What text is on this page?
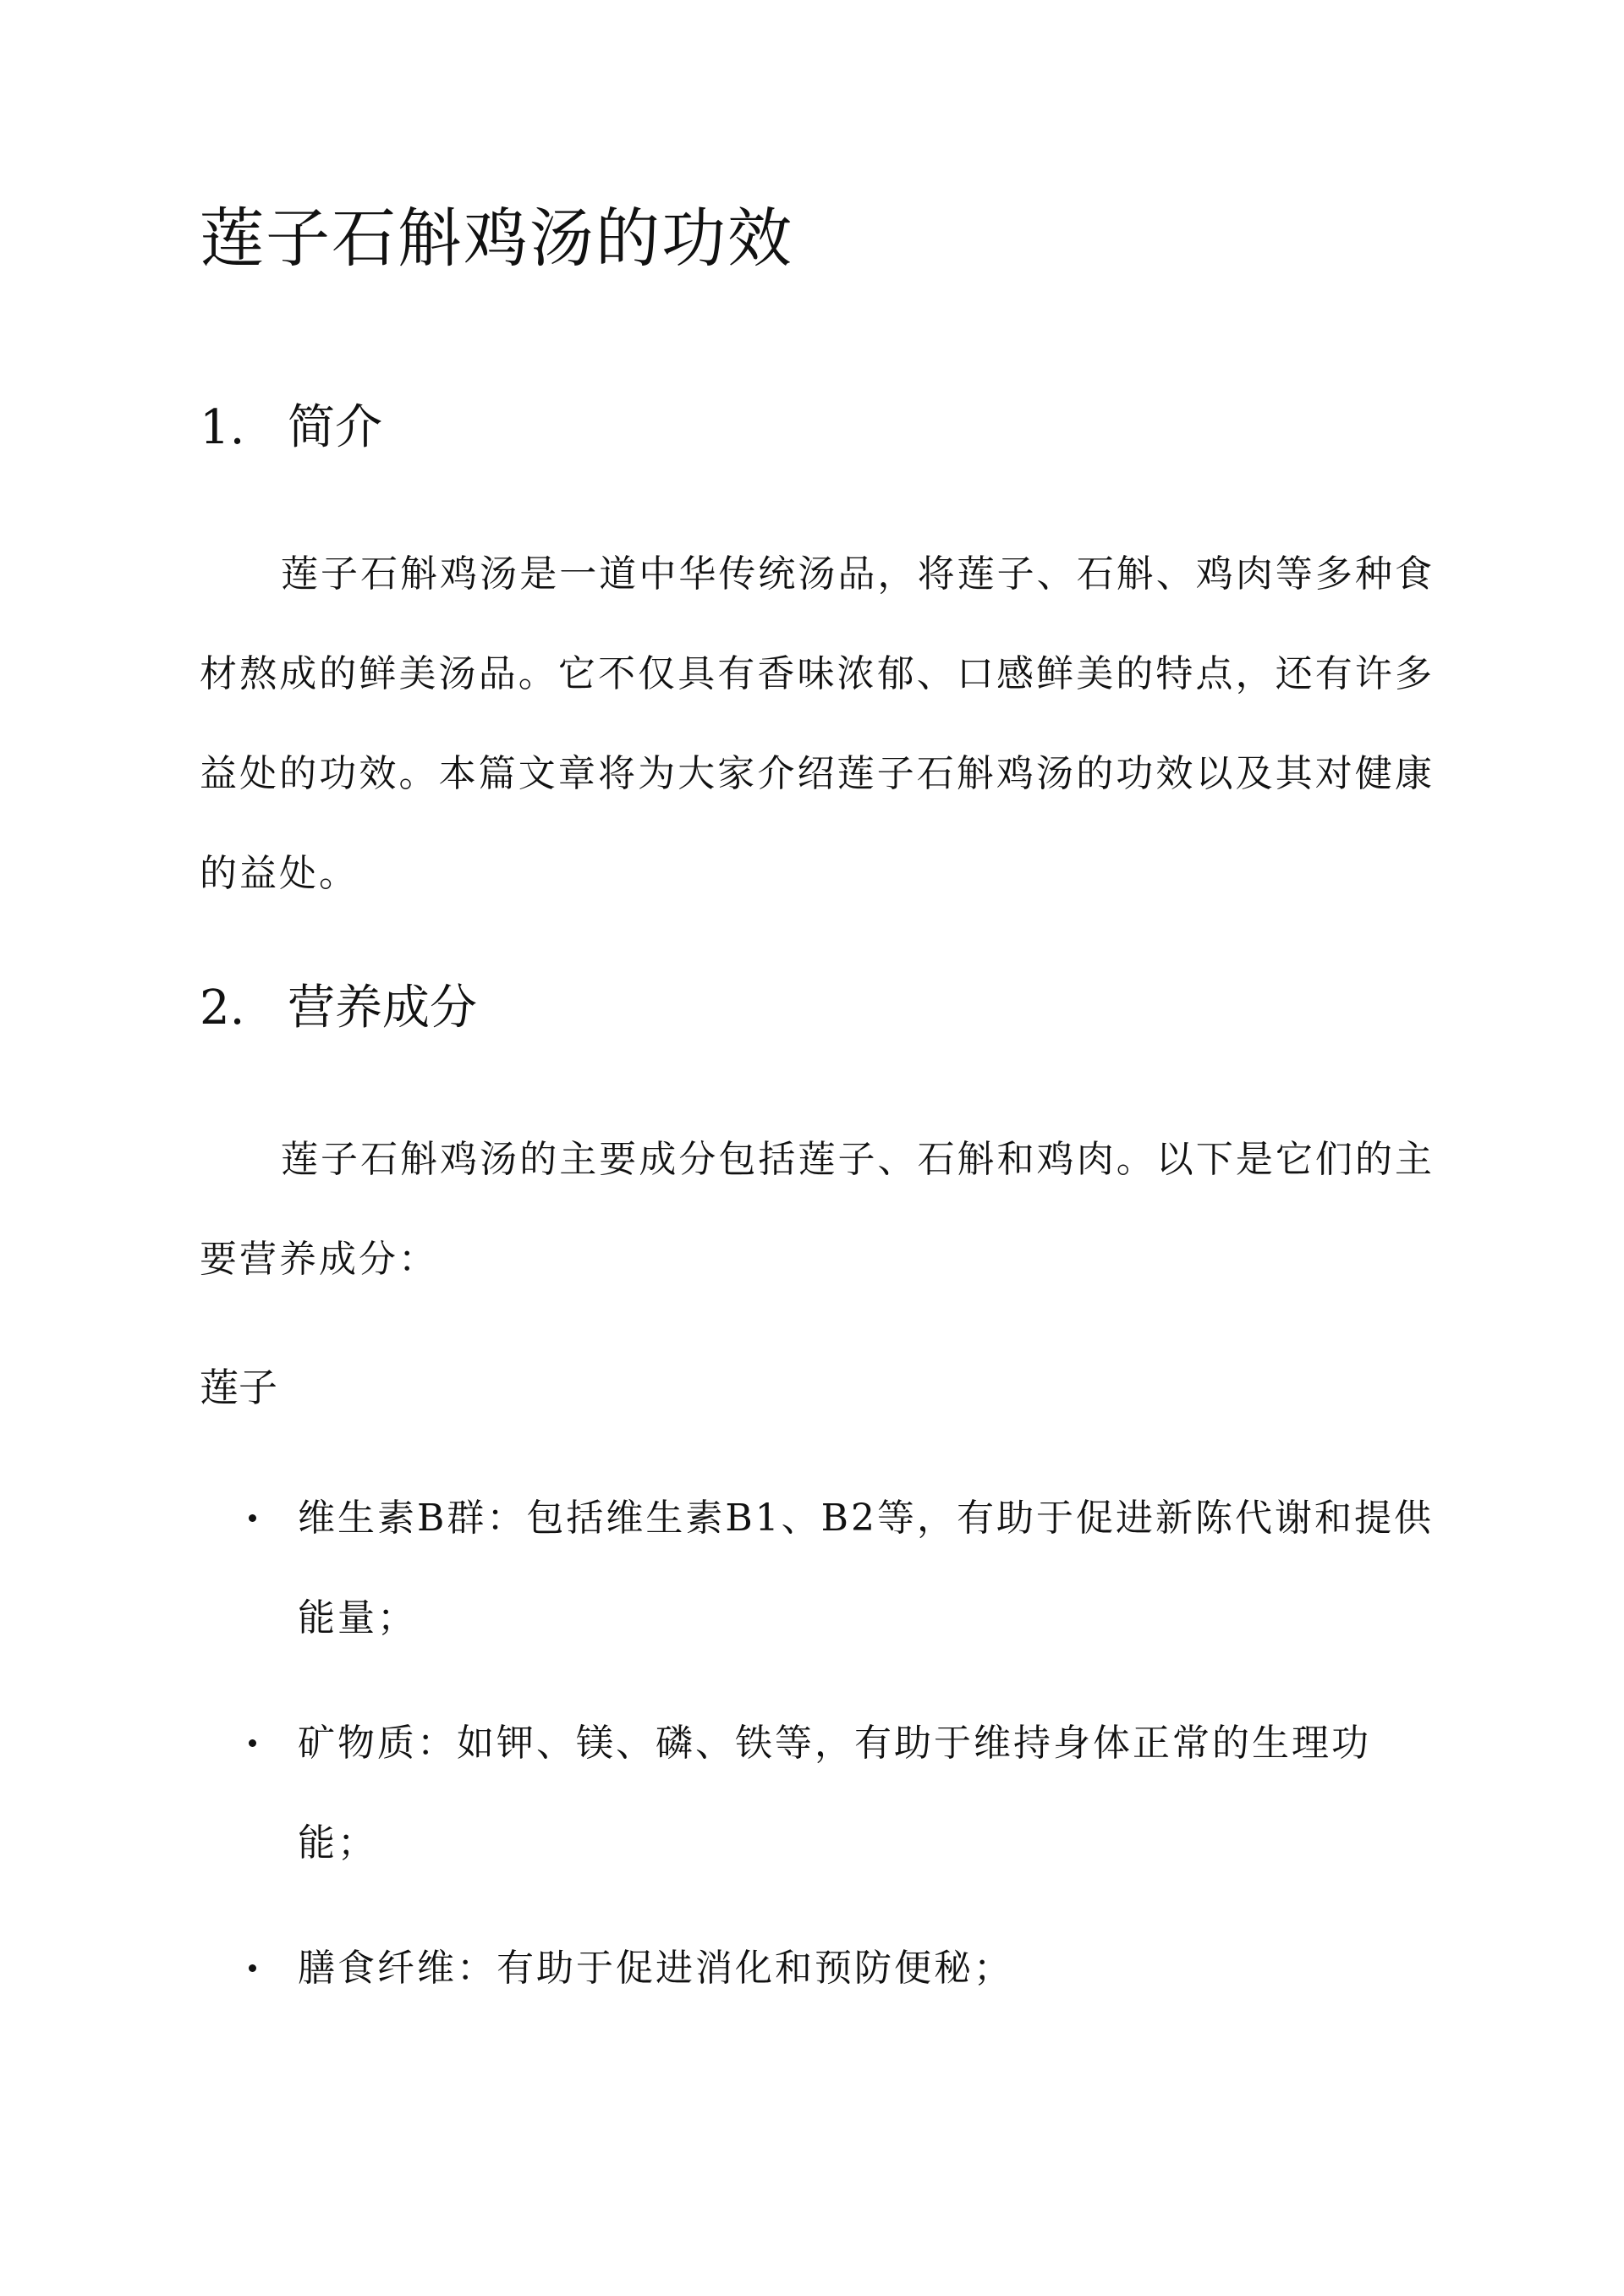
莲子石斛鸡汤的功效
1. 简介

莲子石斛鸡汤是一道中华传统汤品，将莲子、石斛、鸡肉等多种食材熬成的鲜美汤品。它不仅具有香味浓郁、口感鲜美的特点，还有许多益处的功效。本篇文章将为大家介绍莲子石斛鸡汤的功效以及其对健康的益处。

2. 营养成分

莲子石斛鸡汤的主要成分包括莲子、石斛和鸡肉。以下是它们的主要营养成分：

莲子
维生素B群：包括维生素B1、B2等，有助于促进新陈代谢和提供能量；
矿物质：如钾、镁、磷、铁等，有助于维持身体正常的生理功能；
膳食纤维：有助于促进消化和预防便秘；
